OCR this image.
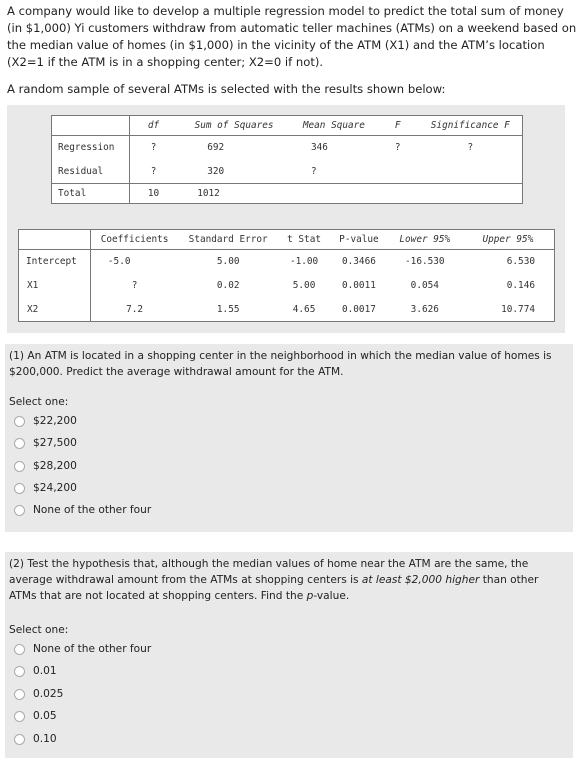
A company would like to develop a multiple regression model to predict the total sum of money (in $1,000) Yi customers withdraw from automatic teller machines (ATMs) on a weekend based on the median value of homes (in $1,000) in the vicinity of the ATM (X1) and the ATM’s location (X2=1 if the ATM is in a shopping center; X2=0 if not).
A random sample of several ATMs is selected with the results shown below:
	df	Sum of Squares	Mean Square	F	Significance F
Regression	?	692	346	?	?
Residual	?	320	?		
Total	10	1012			
	Coefficients	Standard Error	t Stat	P-value	Lower 95%	Upper 95%
Intercept	-5.0	5.00	-1.00	0.3466	-16.530	6.530
X1	?	0.02	5.00	0.0011	0.054	0.146
X2	7.2	1.55	4.65	0.0017	3.626	10.774
(1) An ATM is located in a shopping center in the neighborhood in which the median value of homes is $200,000. Predict the average withdrawal amount for the ATM.
Select one:
$22,200
$27,500
$28,200
$24,200
None of the other four
(2) Test the hypothesis that, although the median values of home near the ATM are the same, the average withdrawal amount from the ATMs at shopping centers is at least $2,000 higher than other ATMs that are not located at shopping centers. Find the p-value.
Select one:
None of the other four
0.01
0.025
0.05
0.10
